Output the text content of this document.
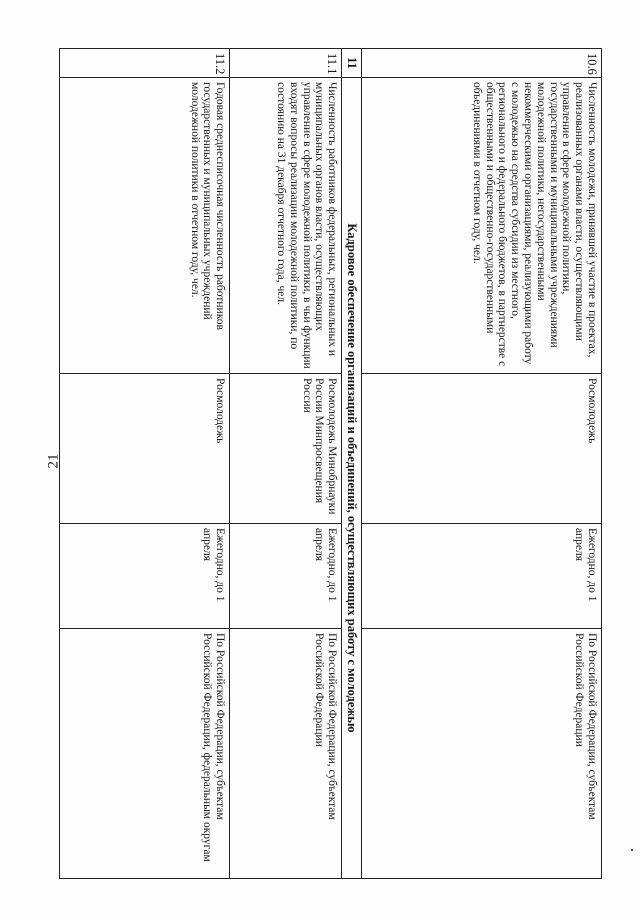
21
10.6	Численность молодежи, принявшей участие в проектах, реализованных органами власти, осуществляющими управление в сфере молодежной политики, государственными и муниципальными учреждениями молодежной политики, негосударственными некоммерческими организациями, реализующими работу с молодежью на средства субсидии из местного, регионального и федерального бюджетов, в партнерстве с общественными и общественно-государственными объединениями в отчетном году, чел.	Росмолодежь	Ежегодно, до 1 апреля	По Российской Федерации, субъектам Российской Федерации
11	Кадровое обеспечение организаций и объединений, осуществляющих работу с молодежью			
11.1	Численность работников федеральных, региональных и муниципальных органов власти, осуществляющих управление в сфере молодежной политики, в чьи функции входят вопросы реализации молодежной политики, по состоянию на 31 декабря отчетного года, чел.	Росмолодежь Минобрнауки России Минпросвещения России	Ежегодно, до 1 апреля	По Российской Федерации, субъектам Российской Федерации
11.2	Годовая среднесписочная численность работников государственных и муниципальных учреждений молодежной политики в отчетном году, чел.	Росмолодежь	Ежегодно, до 1 апреля	По Российской Федерации, субъектам Российской Федерации, федеральным округам
